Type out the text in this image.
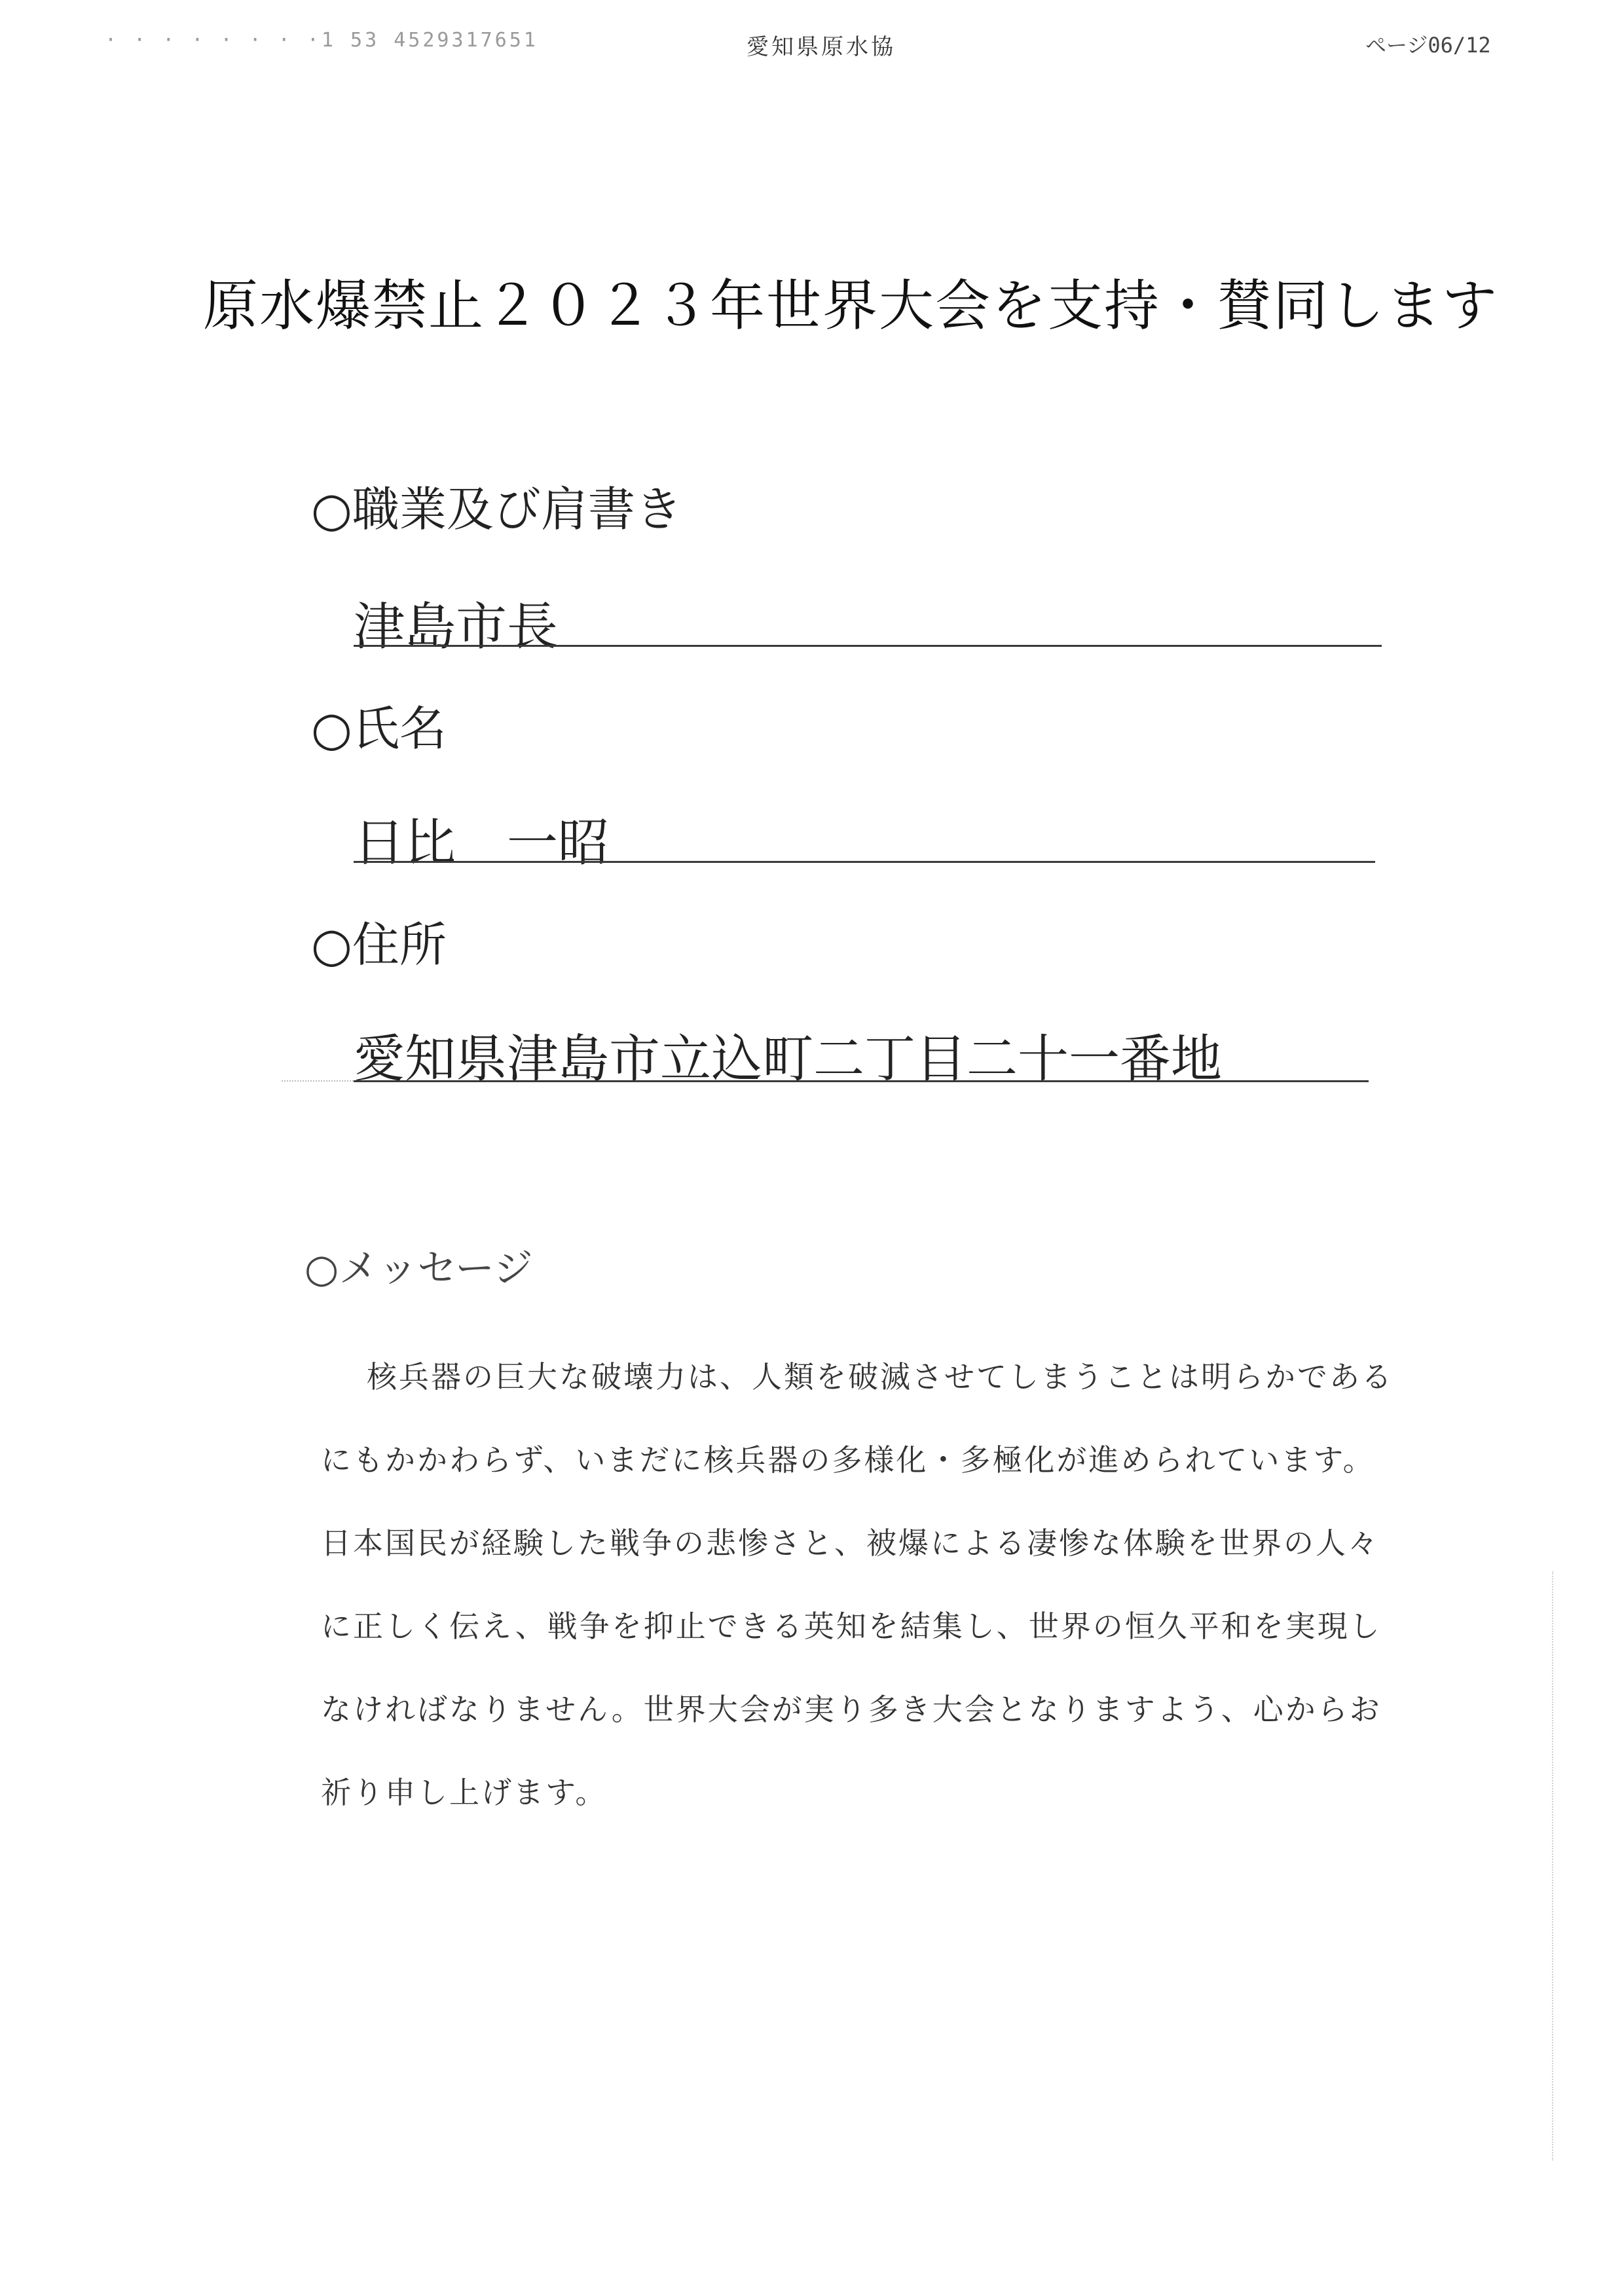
· · · · · · · ·1 53 4529317651	愛知県原水協	ページ06/12
原水爆禁止２０２３年世界大会を支持・賛同します
○職業及び肩書き
津島市長
○氏名
日比　一昭
○住所
愛知県津島市立込町二丁目二十一番地
○メッセージ
核兵器の巨大な破壊力は、人類を破滅させてしまうことは明らかであるにもかかわらず、いまだに核兵器の多様化・多極化が進められています。日本国民が経験した戦争の悲惨さと、被爆による凄惨な体験を世界の人々に正しく伝え、戦争を抑止できる英知を結集し、世界の恒久平和を実現しなければなりません。世界大会が実り多き大会となりますよう、心からお祈り申し上げます。
